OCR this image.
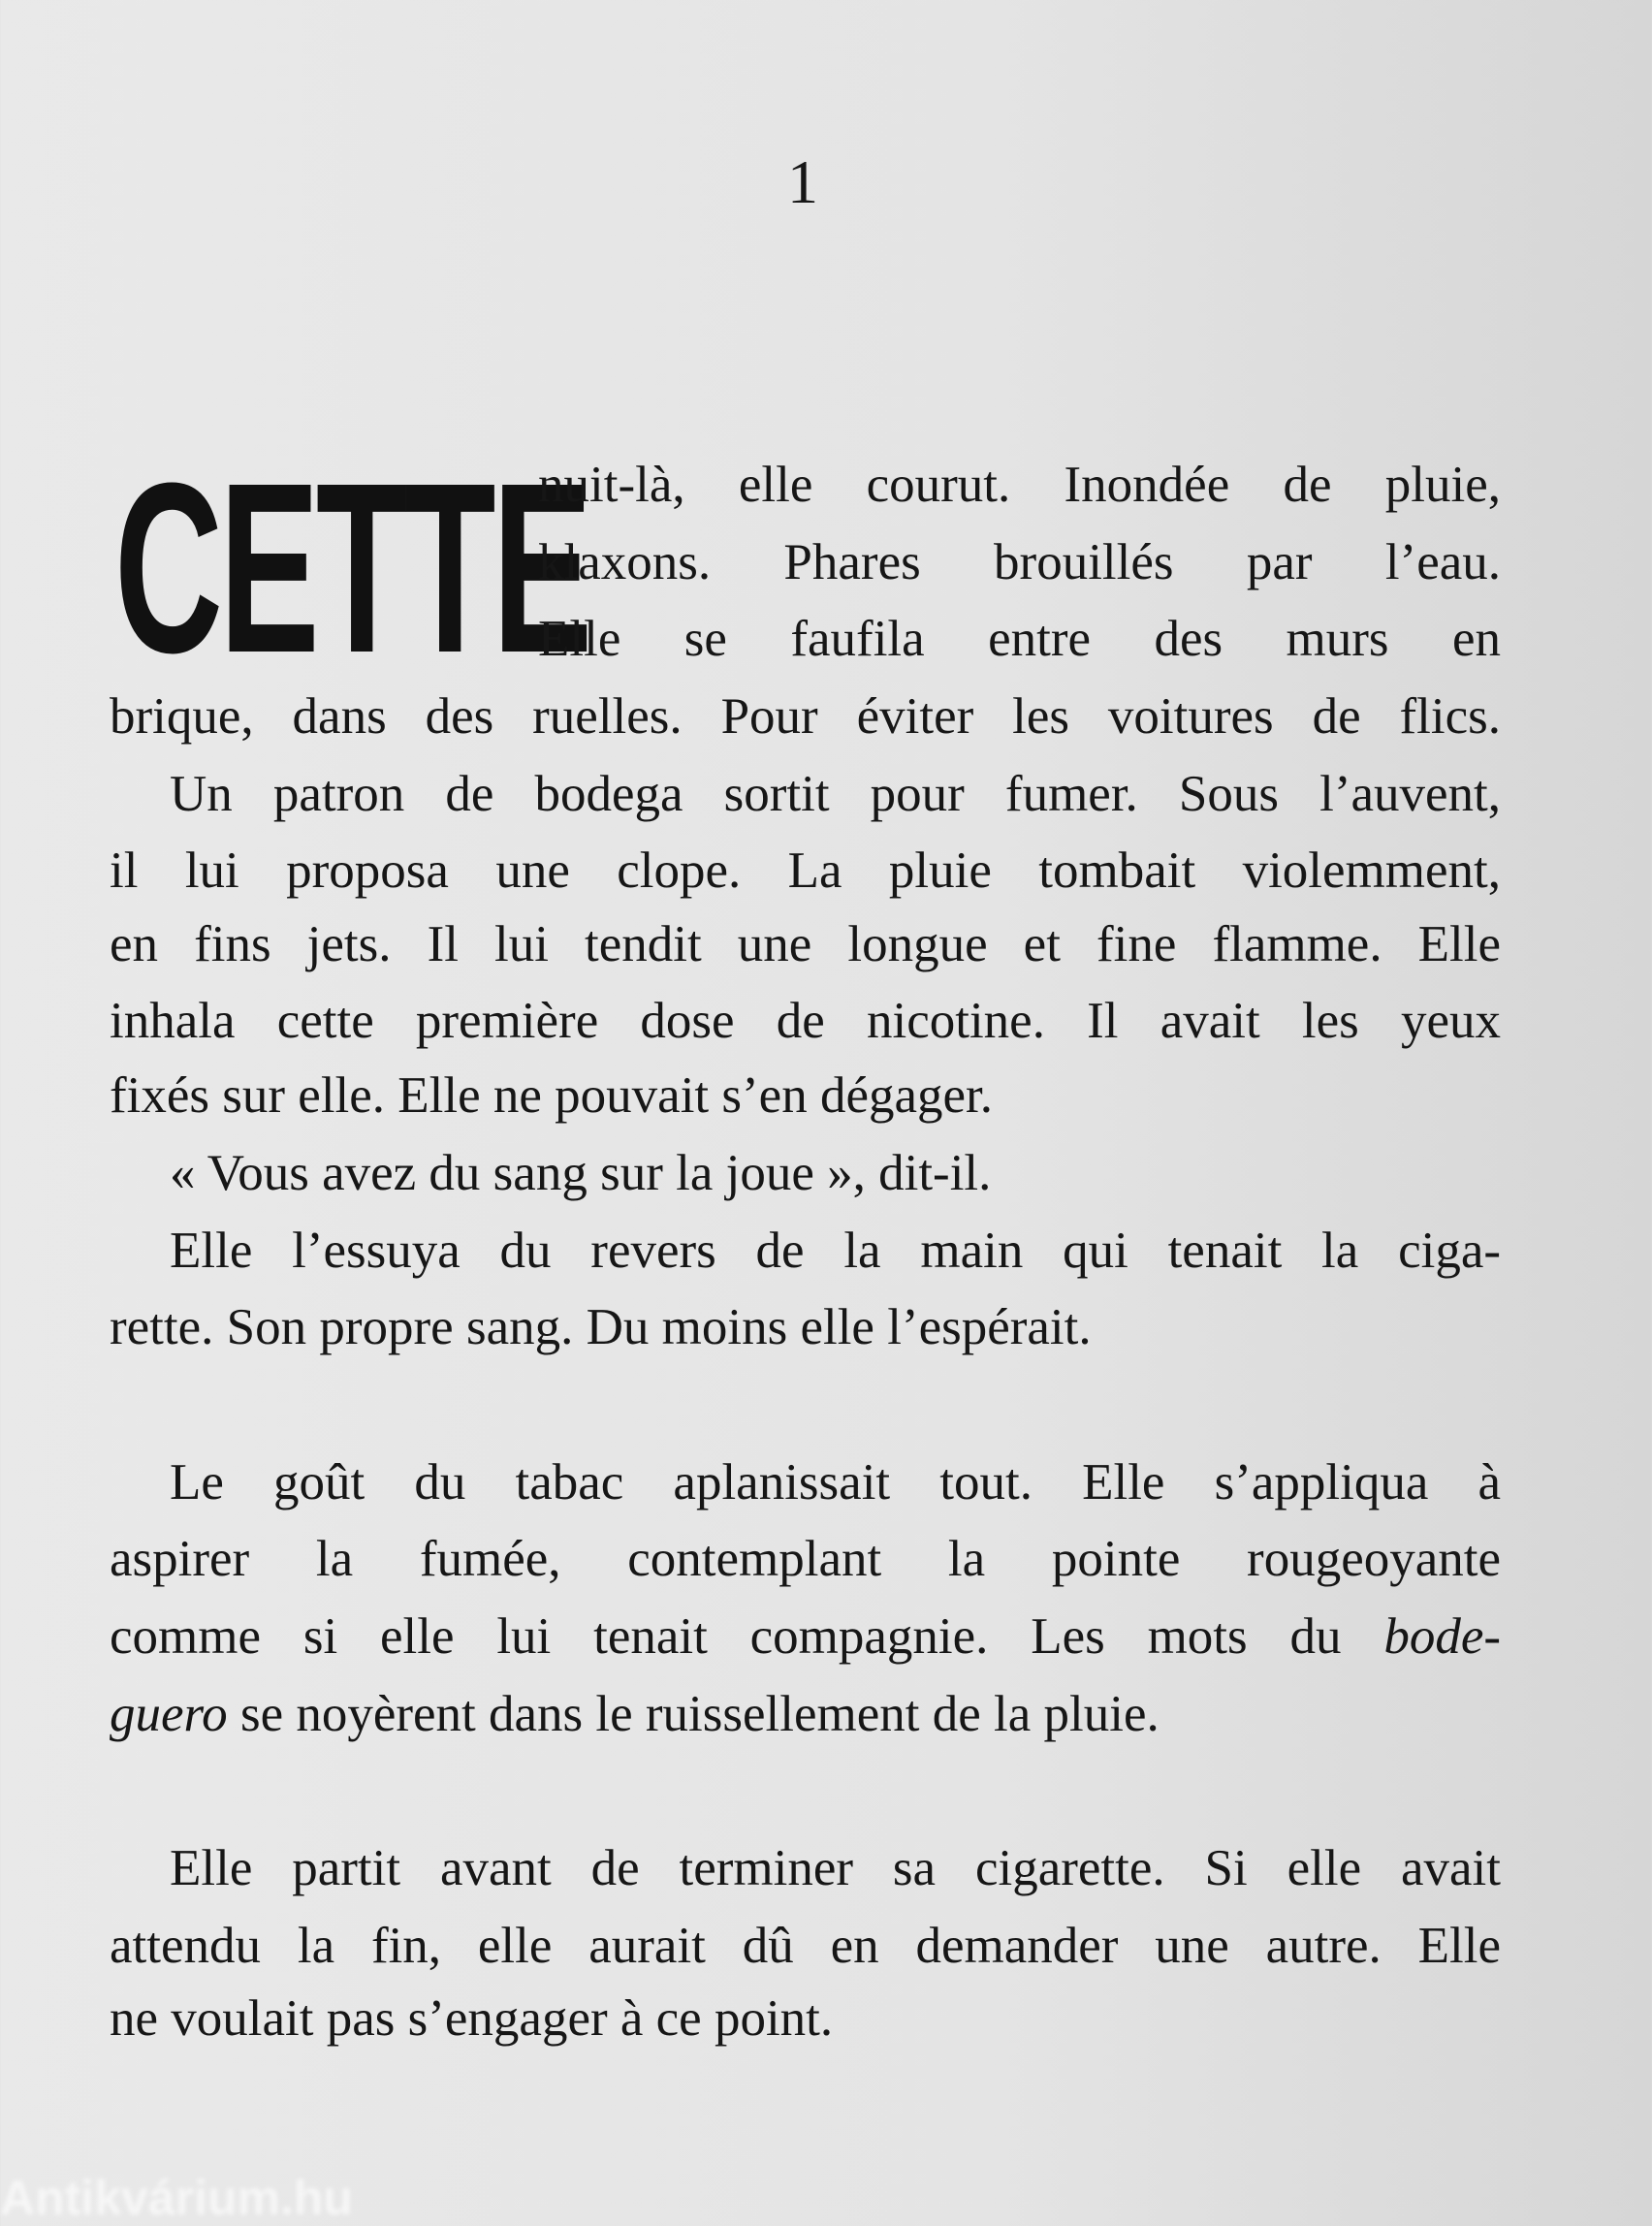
1
CETTE
nuit-là, elle courut. Inondée de pluie,
klaxons. Phares brouillés par l’eau.
Elle se faufila entre des murs en
brique, dans des ruelles. Pour éviter les voitures de flics.
Un patron de bodega sortit pour fumer. Sous l’auvent,
il lui proposa une clope. La pluie tombait violemment,
en fins jets. Il lui tendit une longue et fine flamme. Elle
inhala cette première dose de nicotine. Il avait les yeux
fixés sur elle. Elle ne pouvait s’en dégager.
« Vous avez du sang sur la joue », dit-il.
Elle l’essuya du revers de la main qui tenait la ciga-
rette. Son propre sang. Du moins elle l’espérait.
Le goût du tabac aplanissait tout. Elle s’appliqua à
aspirer la fumée, contemplant la pointe rougeoyante
comme si elle lui tenait compagnie. Les mots du bode-
guero se noyèrent dans le ruissellement de la pluie.
Elle partit avant de terminer sa cigarette. Si elle avait
attendu la fin, elle aurait dû en demander une autre. Elle
ne voulait pas s’engager à ce point.
Antikvárium.hu
